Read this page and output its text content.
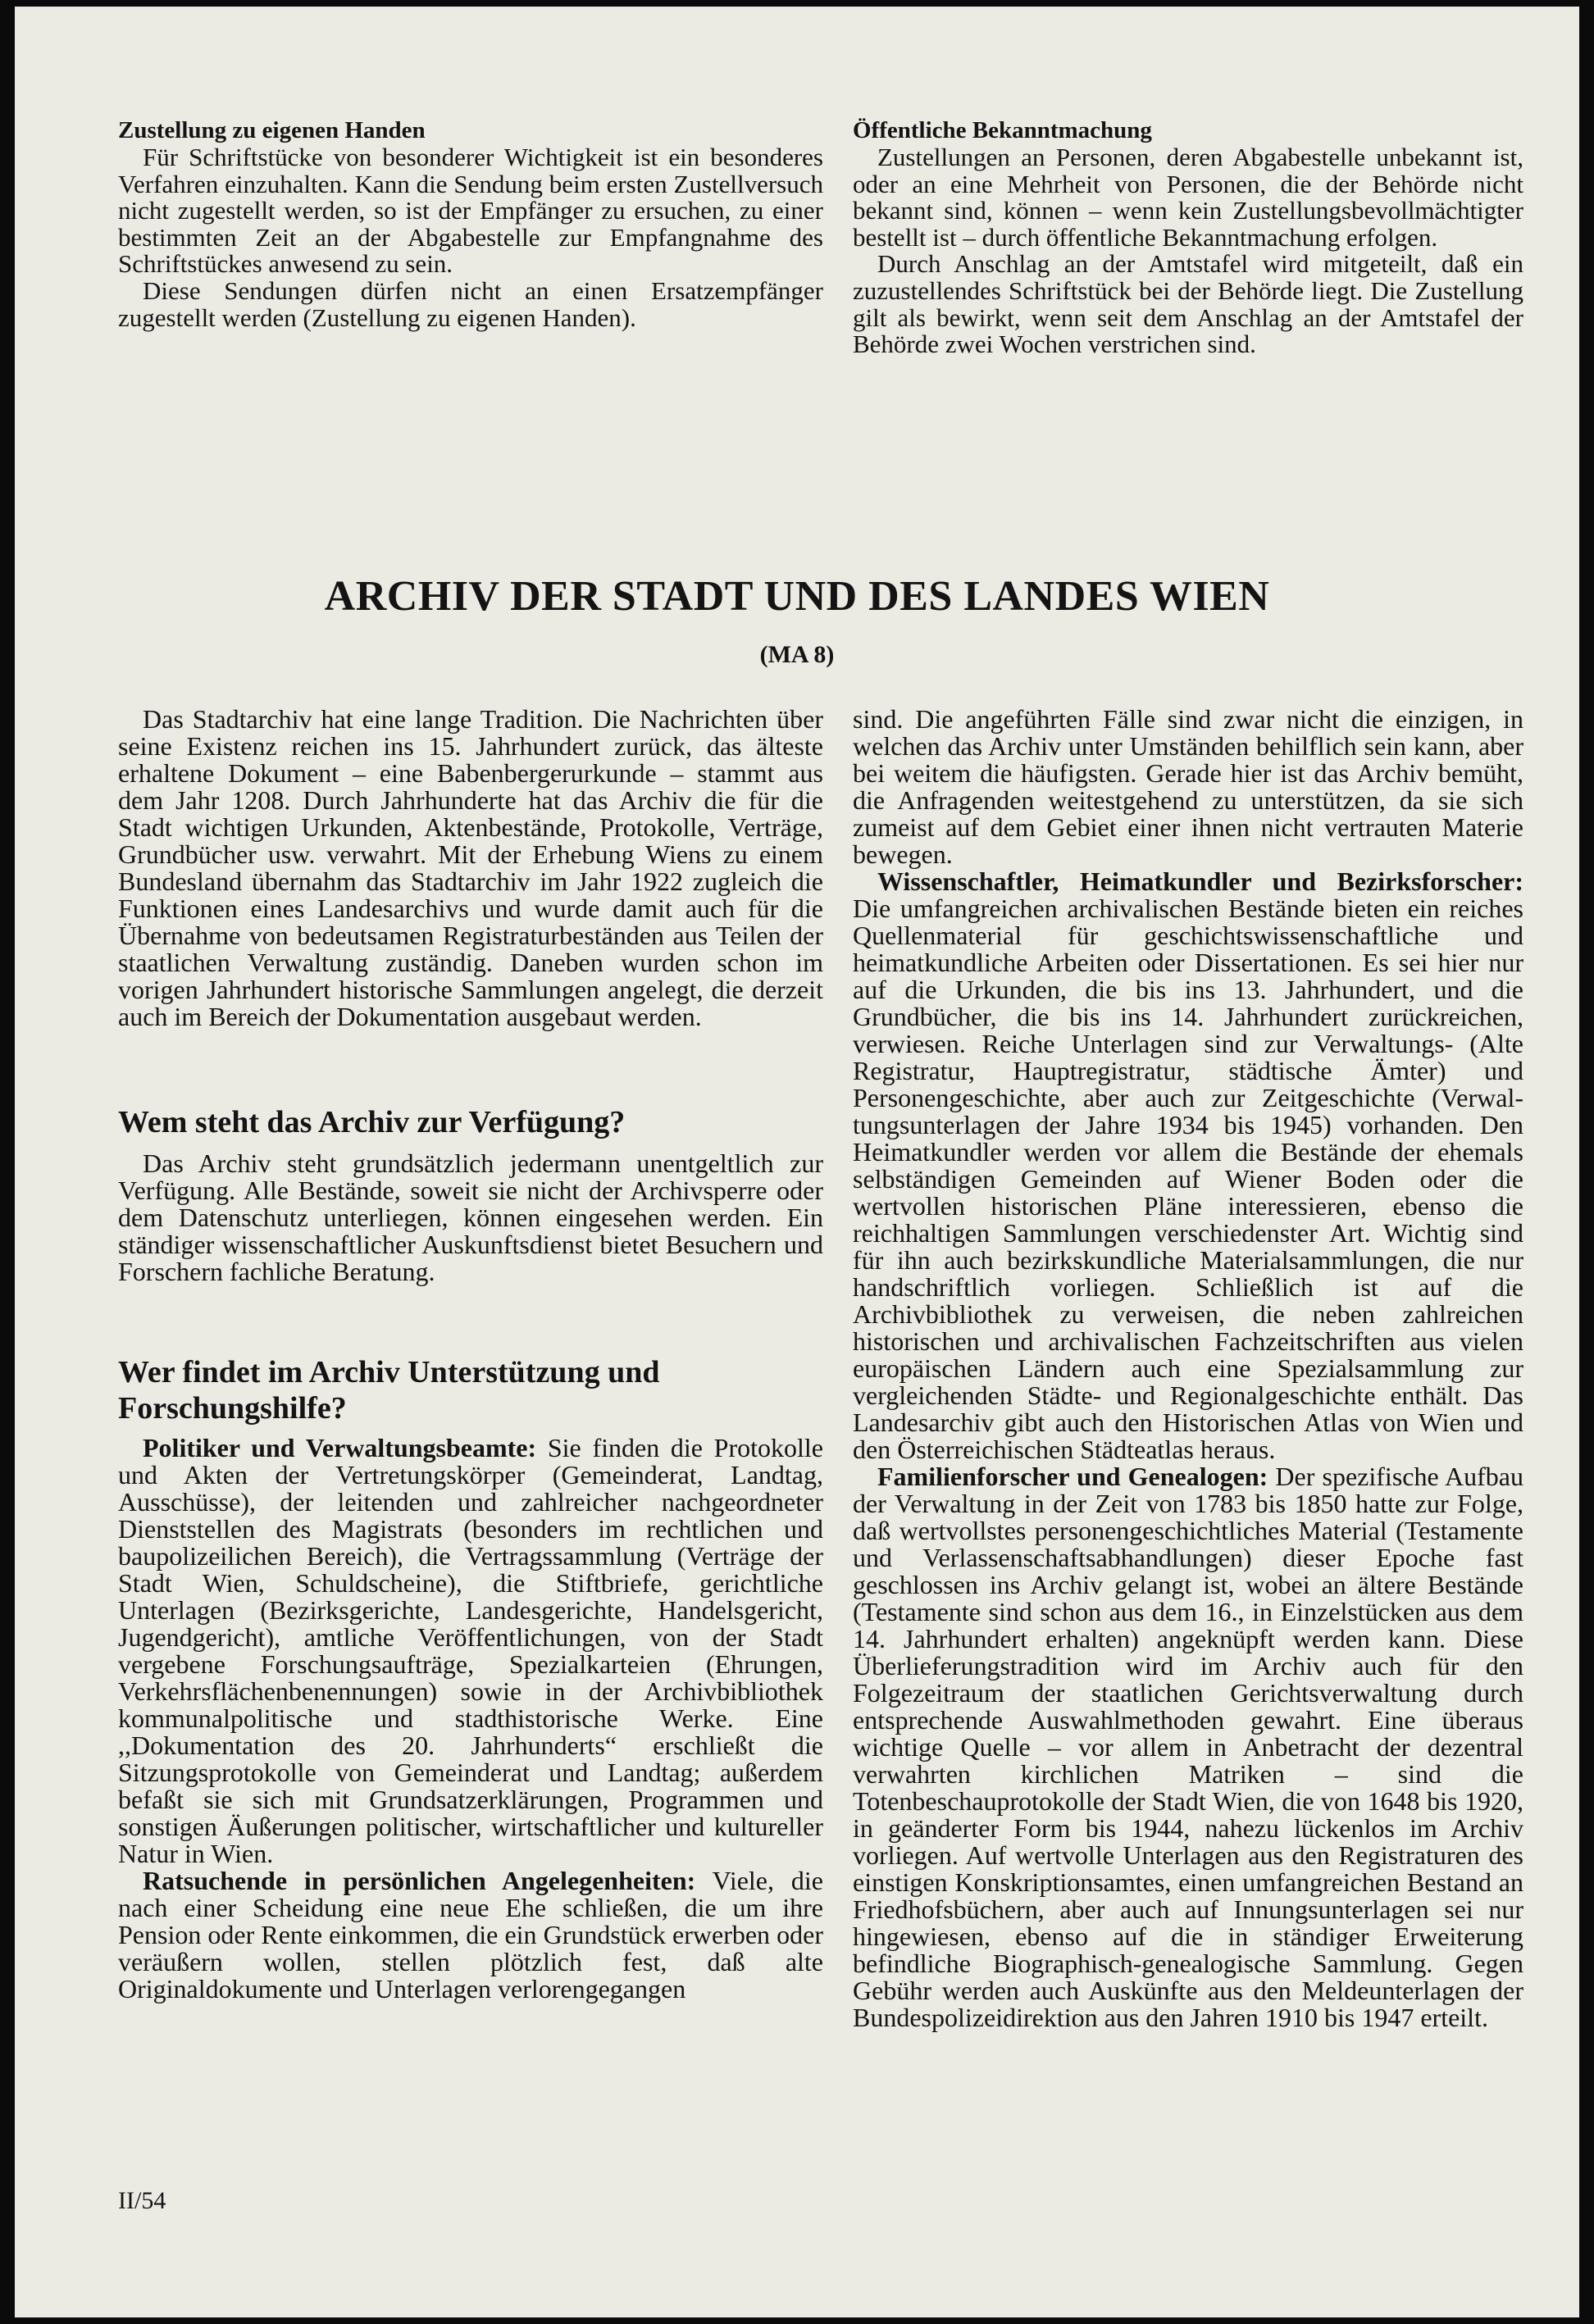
Zustellung zu eigenen Handen

Für Schriftstücke von besonderer Wichtigkeit ist ein besonderes Verfahren einzuhalten. Kann die Sendung beim ersten Zustellversuch nicht zugestellt werden, so ist der Empfänger zu ersuchen, zu einer bestimmten Zeit an der Abgabestelle zur Empfangnahme des Schriftstückes anwesend zu sein.

Diese Sendungen dürfen nicht an einen Ersatzempfänger zugestellt werden (Zustellung zu eigenen Handen).

Öffentliche Bekanntmachung

Zustellungen an Personen, deren Abgabestelle unbekannt ist, oder an eine Mehrheit von Personen, die der Behörde nicht bekannt sind, können – wenn kein Zustellungsbevollmächtigter bestellt ist – durch öffentliche Bekanntmachung erfolgen.

Durch Anschlag an der Amtstafel wird mitgeteilt, daß ein zuzustellendes Schriftstück bei der Behörde liegt. Die Zustellung gilt als bewirkt, wenn seit dem Anschlag an der Amtstafel der Behörde zwei Wochen verstrichen sind.

ARCHIV DER STADT UND DES LANDES WIEN
(MA 8)

Das Stadtarchiv hat eine lange Tradition. Die Nachrichten über seine Existenz reichen ins 15. Jahrhundert zurück, das älteste erhaltene Dokument – eine Babenbergerurkunde – stammt aus dem Jahr 1208. Durch Jahrhunderte hat das Archiv die für die Stadt wichtigen Urkunden, Aktenbestände, Protokolle, Verträge, Grundbücher usw. verwahrt. Mit der Erhebung Wiens zu einem Bundesland übernahm das Stadtarchiv im Jahr 1922 zugleich die Funktionen eines Landesarchivs und wurde damit auch für die Übernahme von bedeutsamen Registraturbeständen aus Teilen der staatlichen Verwaltung zuständig. Daneben wurden schon im vorigen Jahrhundert historische Sammlungen angelegt, die derzeit auch im Bereich der Dokumentation ausgebaut werden.

Wem steht das Archiv zur Verfügung?

Das Archiv steht grundsätzlich jedermann unentgeltlich zur Verfügung. Alle Bestände, soweit sie nicht der Archivsperre oder dem Datenschutz unterliegen, können eingesehen werden. Ein ständiger wissenschaftlicher Auskunftsdienst bietet Besuchern und Forschern fachliche Beratung.

Wer findet im Archiv Unterstützung und Forschungshilfe?

Politiker und Verwaltungsbeamte: Sie finden die Protokolle und Akten der Vertretungskörper (Gemeinderat, Landtag, Ausschüsse), der leitenden und zahlreicher nachgeordneter Dienststellen des Magistrats (besonders im rechtlichen und baupolizeilichen Bereich), die Vertragssammlung (Verträge der Stadt Wien, Schuldscheine), die Stiftbriefe, gerichtliche Unterlagen (Bezirksgerichte, Landesgerichte, Handelsgericht, Jugendgericht), amtliche Veröffentlichungen, von der Stadt vergebene Forschungsaufträge, Spezialkarteien (Ehrungen, Verkehrsflächenbenennungen) sowie in der Archivbibliothek kommunalpolitische und stadthistorische Werke. Eine ,,Dokumentation des 20. Jahrhunderts“ erschließt die Sitzungsprotokolle von Gemeinderat und Landtag; außerdem befaßt sie sich mit Grundsatzerklärungen, Programmen und sonstigen Äußerungen politischer, wirtschaftlicher und kultureller Natur in Wien.

Ratsuchende in persönlichen Angelegenheiten: Viele, die nach einer Scheidung eine neue Ehe schließen, die um ihre Pension oder Rente einkommen, die ein Grundstück erwerben oder veräußern wollen, stellen plötzlich fest, daß alte Originaldokumente und Unterlagen verlorengegangen

sind. Die angeführten Fälle sind zwar nicht die einzigen, in welchen das Archiv unter Umständen behilflich sein kann, aber bei weitem die häufigsten. Gerade hier ist das Archiv bemüht, die Anfragenden weitestgehend zu unterstützen, da sie sich zumeist auf dem Gebiet einer ihnen nicht vertrauten Materie bewegen.

Wissenschaftler, Heimatkundler und Bezirksforscher: Die umfangreichen archivalischen Bestände bieten ein reiches Quellenmaterial für geschichtswissenschaftliche und heimatkundliche Arbeiten oder Dissertationen. Es sei hier nur auf die Urkunden, die bis ins 13. Jahrhundert, und die Grundbücher, die bis ins 14. Jahrhundert zurückreichen, verwiesen. Reiche Unterlagen sind zur Verwaltungs- (Alte Registratur, Hauptregistratur, städtische Ämter) und Personengeschichte, aber auch zur Zeitgeschichte (Verwaltungsunterlagen der Jahre 1934 bis 1945) vorhanden. Den Heimatkundler werden vor allem die Bestände der ehemals selbständigen Gemeinden auf Wiener Boden oder die wertvollen historischen Pläne interessieren, ebenso die reichhaltigen Sammlungen verschiedenster Art. Wichtig sind für ihn auch bezirkskundliche Materialsammlungen, die nur handschriftlich vorliegen. Schließlich ist auf die Archivbibliothek zu verweisen, die neben zahlreichen historischen und archivalischen Fachzeitschriften aus vielen europäischen Ländern auch eine Spezialsammlung zur vergleichenden Städte- und Regionalgeschichte enthält. Das Landesarchiv gibt auch den Historischen Atlas von Wien und den Österreichischen Städteatlas heraus.

Familienforscher und Genealogen: Der spezifische Aufbau der Verwaltung in der Zeit von 1783 bis 1850 hatte zur Folge, daß wertvollstes personengeschichtliches Material (Testamente und Verlassenschaftsabhandlungen) dieser Epoche fast geschlossen ins Archiv gelangt ist, wobei an ältere Bestände (Testamente sind schon aus dem 16., in Einzelstücken aus dem 14. Jahrhundert erhalten) angeknüpft werden kann. Diese Überlieferungstradition wird im Archiv auch für den Folgezeitraum der staatlichen Gerichtsverwaltung durch entsprechende Auswahlmethoden gewahrt. Eine überaus wichtige Quelle – vor allem in Anbetracht der dezentral verwahrten kirchlichen Matriken – sind die Totenbeschauprotokolle der Stadt Wien, die von 1648 bis 1920, in geänderter Form bis 1944, nahezu lückenlos im Archiv vorliegen. Auf wertvolle Unterlagen aus den Registraturen des einstigen Konskriptionsamtes, einen umfangreichen Bestand an Friedhofsbüchern, aber auch auf Innungsunterlagen sei nur hingewiesen, ebenso auf die in ständiger Erweiterung befindliche Biographisch-genealogische Sammlung. Gegen Gebühr werden auch Auskünfte aus den Meldeunterlagen der Bundespolizeidirektion aus den Jahren 1910 bis 1947 erteilt.

II/54
